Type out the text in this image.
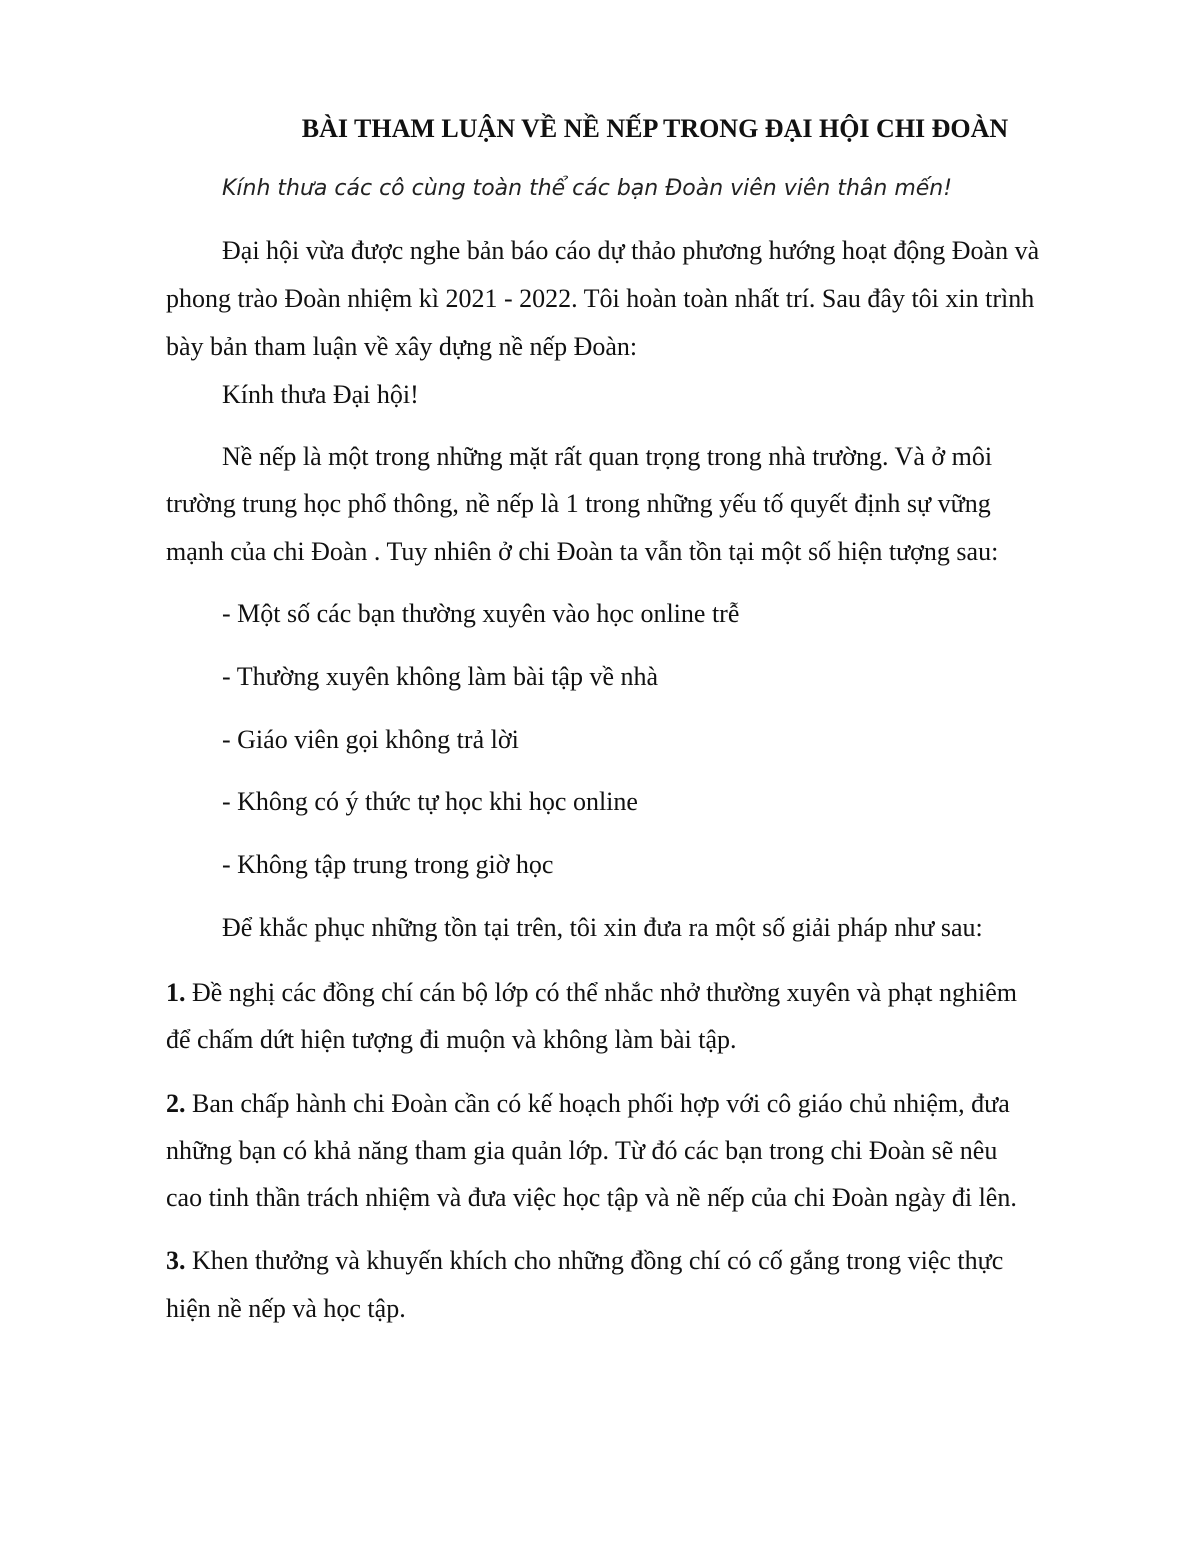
BÀI THAM LUẬN VỀ NỀ NẾP TRONG ĐẠI HỘI CHI ĐOÀN
Kính thưa các cô cùng toàn thể các bạn Đoàn viên viên thân mến!
Đại hội vừa được nghe bản báo cáo dự thảo phương hướng hoạt động Đoàn và
phong trào Đoàn nhiệm kì 2021 - 2022. Tôi hoàn toàn nhất trí. Sau đây tôi xin trình
bày bản tham luận về xây dựng nề nếp Đoàn:
Kính thưa Đại hội!
Nề nếp là một trong những mặt rất quan trọng trong nhà trường. Và ở môi
trường trung học phổ thông, nề nếp là 1 trong những yếu tố quyết định sự vững
mạnh của chi Đoàn . Tuy nhiên ở chi Đoàn ta vẫn tồn tại một số hiện tượng sau:
- Một số các bạn thường xuyên vào học online trễ
- Thường xuyên không làm bài tập về nhà
- Giáo viên gọi không trả lời
- Không có ý thức tự học khi học online
- Không tập trung trong giờ học
Để khắc phục những tồn tại trên, tôi xin đưa ra một số giải pháp như sau:
1. Đề nghị các đồng chí cán bộ lớp có thể nhắc nhở thường xuyên và phạt nghiêm
để chấm dứt hiện tượng đi muộn và không làm bài tập.
2. Ban chấp hành chi Đoàn cần có kế hoạch phối hợp với cô giáo chủ nhiệm, đưa
những bạn có khả năng tham gia quản lớp. Từ đó các bạn trong chi Đoàn sẽ nêu
cao tinh thần trách nhiệm và đưa việc học tập và nề nếp của chi Đoàn ngày đi lên.
3. Khen thưởng và khuyến khích cho những đồng chí có cố gắng trong việc thực
hiện nề nếp và học tập.
